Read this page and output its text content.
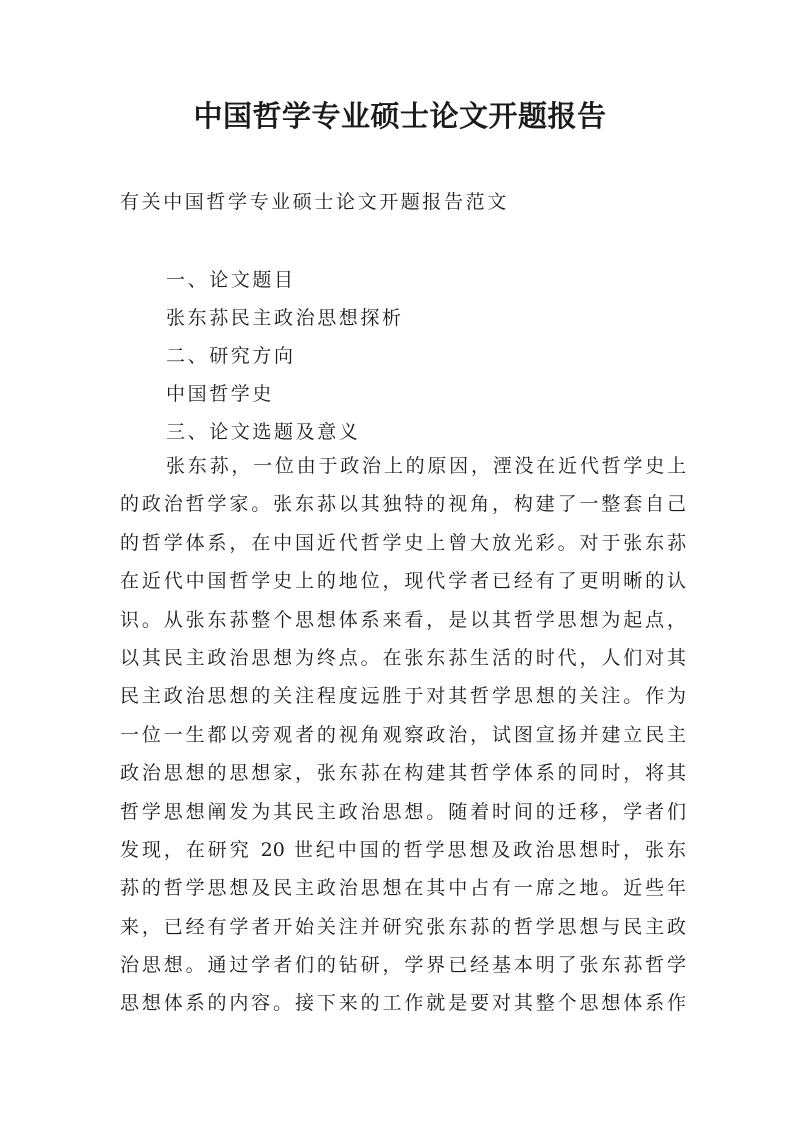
中国哲学专业硕士论文开题报告

有关中国哲学专业硕士论文开题报告范文

一、论文题目
张东荪民主政治思想探析
二、研究方向
中国哲学史
三、论文选题及意义
张东荪，一位由于政治上的原因，湮没在近代哲学史上
的政治哲学家。张东荪以其独特的视角，构建了一整套自己
的哲学体系，在中国近代哲学史上曾大放光彩。对于张东荪
在近代中国哲学史上的地位，现代学者已经有了更明晰的认
识。从张东荪整个思想体系来看，是以其哲学思想为起点，
以其民主政治思想为终点。在张东荪生活的时代，人们对其
民主政治思想的关注程度远胜于对其哲学思想的关注。作为
一位一生都以旁观者的视角观察政治，试图宣扬并建立民主
政治思想的思想家，张东荪在构建其哲学体系的同时，将其
哲学思想阐发为其民主政治思想。随着时间的迁移，学者们
发现，在研究 20 世纪中国的哲学思想及政治思想时，张东
荪的哲学思想及民主政治思想在其中占有一席之地。近些年
来，已经有学者开始关注并研究张东荪的哲学思想与民主政
治思想。通过学者们的钻研，学界已经基本明了张东荪哲学
思想体系的内容。接下来的工作就是要对其整个思想体系作
